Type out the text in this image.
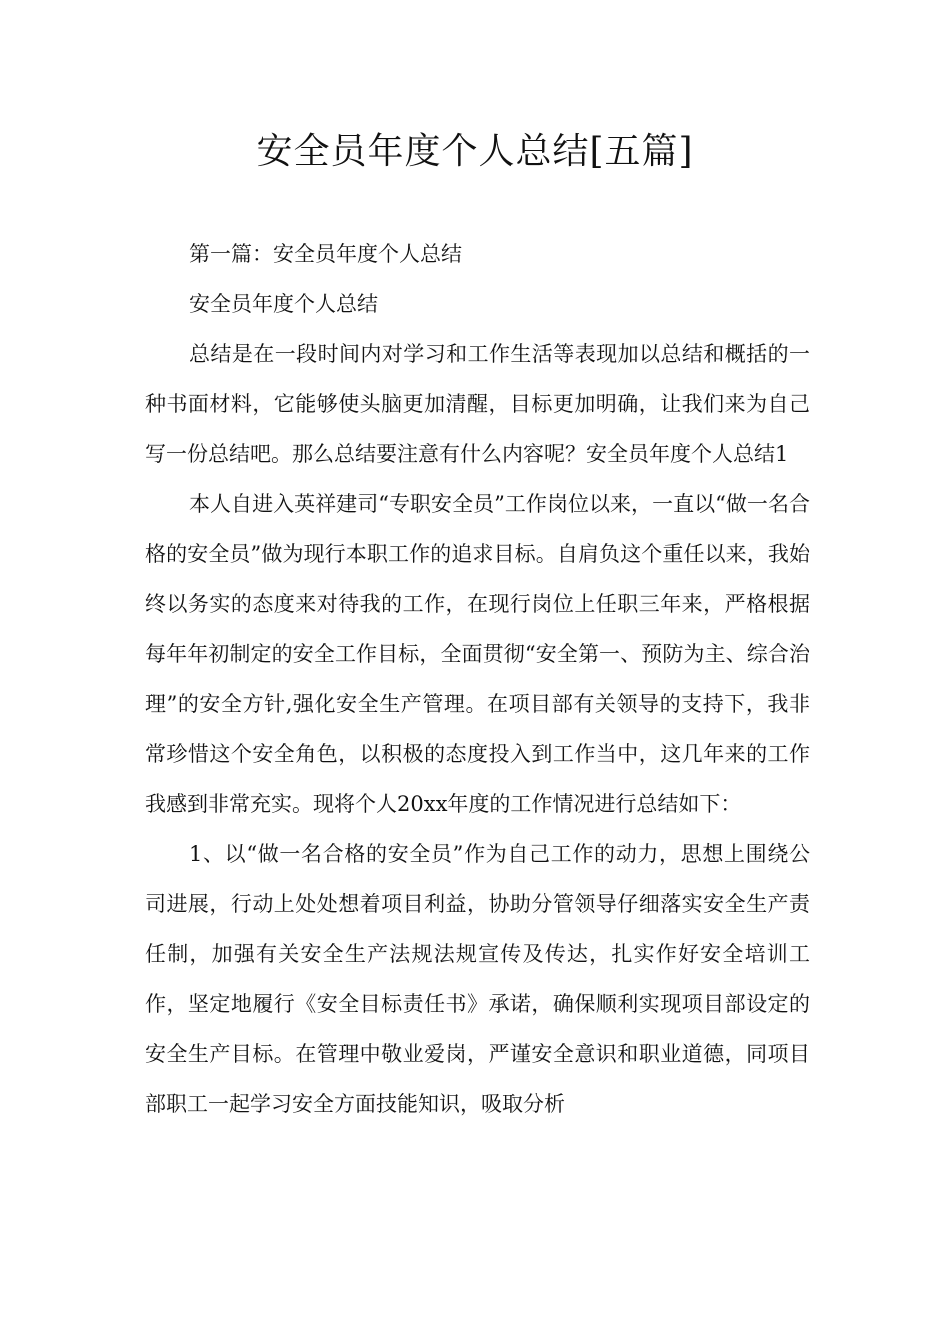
安全员年度个人总结[五篇]

第一篇：安全员年度个人总结

安全员年度个人总结

总结是在一段时间内对学习和工作生活等表现加以总结和概括的一种书面材料，它能够使头脑更加清醒，目标更加明确，让我们来为自己写一份总结吧。那么总结要注意有什么内容呢？安全员年度个人总结1

本人自进入英祥建司“专职安全员”工作岗位以来，一直以“做一名合格的安全员”做为现行本职工作的追求目标。自肩负这个重任以来，我始终以务实的态度来对待我的工作，在现行岗位上任职三年来，严格根据每年年初制定的安全工作目标，全面贯彻“安全第一、预防为主、综合治理”的安全方针,强化安全生产管理。在项目部有关领导的支持下，我非常珍惜这个安全角色，以积极的态度投入到工作当中，这几年来的工作我感到非常充实。现将个人20xx年度的工作情况进行总结如下：

1、以“做一名合格的安全员”作为自己工作的动力，思想上围绕公司进展，行动上处处想着项目利益，协助分管领导仔细落实安全生产责任制，加强有关安全生产法规法规宣传及传达，扎实作好安全培训工作，坚定地履行《安全目标责任书》承诺，确保顺利实现项目部设定的安全生产目标。在管理中敬业爱岗，严谨安全意识和职业道德，同项目部职工一起学习安全方面技能知识，吸取分析
